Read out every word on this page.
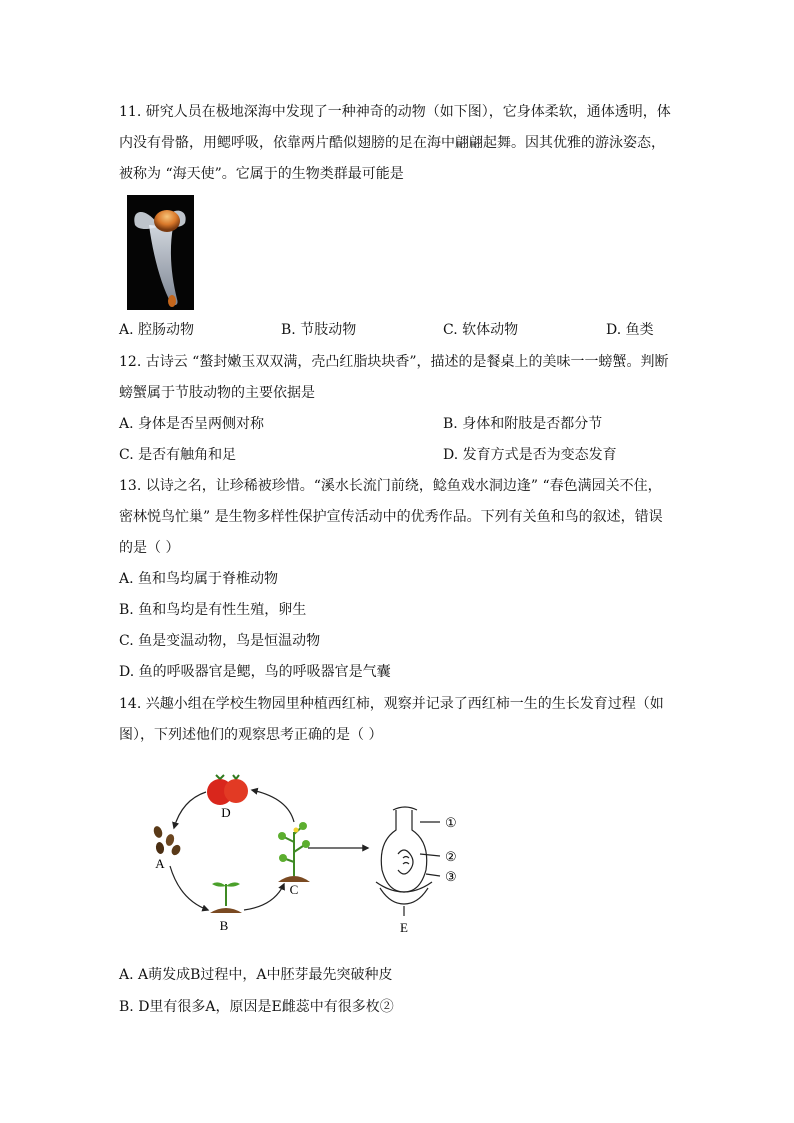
11. 研究人员在极地深海中发现了一种神奇的动物（如下图），它身体柔软，通体透明，体
内没有骨骼，用鳃呼吸，依靠两片酷似翅膀的足在海中翩翩起舞。因其优雅的游泳姿态，
被称为 “海天使”。它属于的生物类群最可能是
A. 腔肠动物	B. 节肢动物	C. 软体动物	D. 鱼类
12. 古诗云 “螯封嫩玉双双满，壳凸红脂块块香”，描述的是餐桌上的美味一一螃蟹。判断
螃蟹属于节肢动物的主要依据是
A. 身体是否呈两侧对称	B. 身体和附肢是否都分节
C. 是否有触角和足	D. 发育方式是否为变态发育
13. 以诗之名，让珍稀被珍惜。“溪水长流门前绕，鲶鱼戏水洞边逢” “春色满园关不住，
密林悦鸟忙巢” 是生物多样性保护宣传活动中的优秀作品。下列有关鱼和鸟的叙述，错误
的是（ ）
A. 鱼和鸟均属于脊椎动物
B. 鱼和鸟均是有性生殖，卵生
C. 鱼是变温动物，鸟是恒温动物
D. 鱼的呼吸器官是鳃，鸟的呼吸器官是气囊
14. 兴趣小组在学校生物园里种植西红柿，观察并记录了西红柿一生的生长发育过程（如
图），下列述他们的观察思考正确的是（ ）
D
A
B
C
①
②
③
E
A. A萌发成B过程中，A中胚芽最先突破种皮
B. D里有很多A，原因是E雌蕊中有很多枚②
